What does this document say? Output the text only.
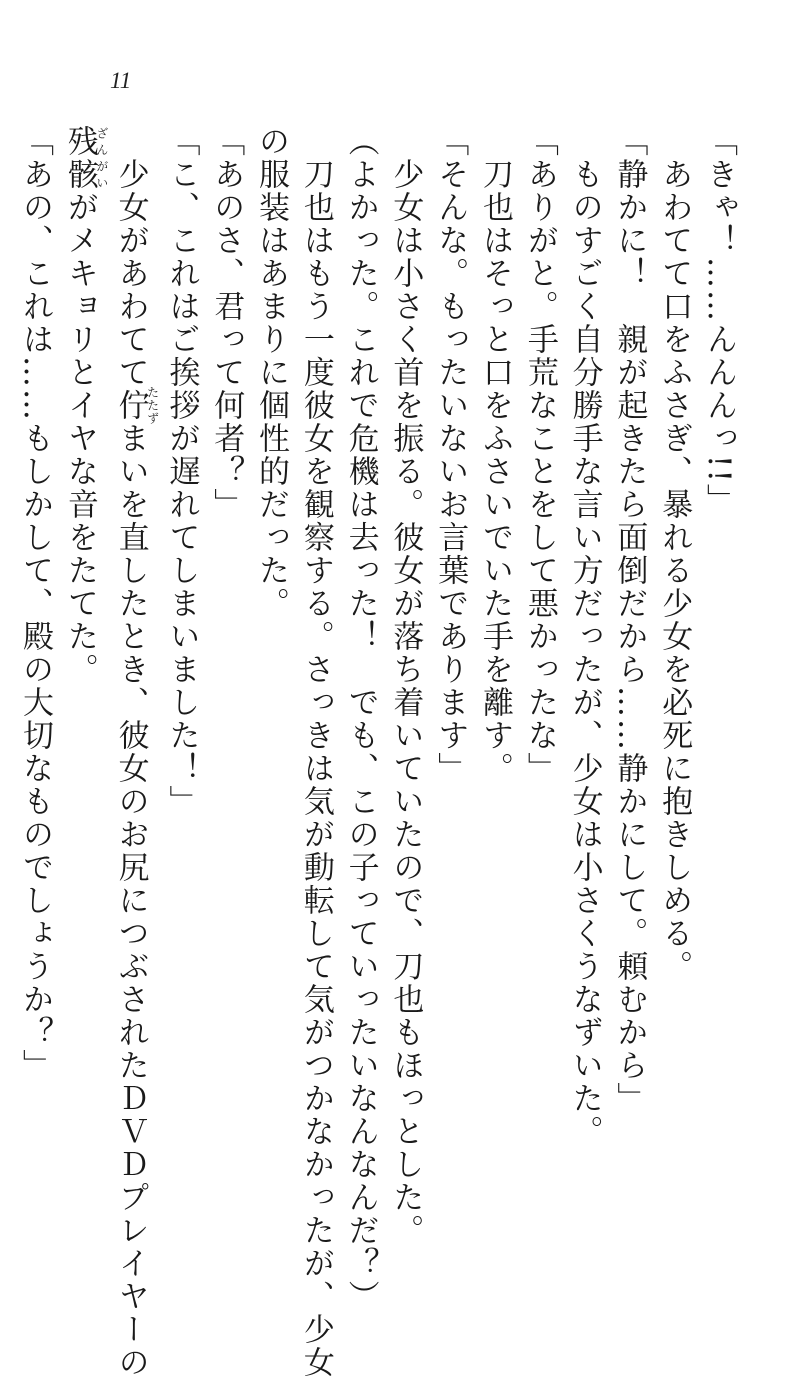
11
「きゃ！……んんんっ!!」
あわてて口をふさぎ、暴れる少女を必死に抱きしめる。
「静かに！　親が起きたら面倒だから……静かにして。頼むから」
ものすごく自分勝手な言い方だったが、少女は小さくうなずいた。
「ありがと。手荒なことをして悪かったな」
刀也はそっと口をふさいでいた手を離す。
「そんな。もったいないお言葉であります」
少女は小さく首を振る。彼女が落ち着いていたので、刀也もほっとした。
（よかった。これで危機は去った！　でも、この子っていったいなんなんだ？）
刀也はもう一度彼女を観察する。さっきは気が動転して気がつかなかったが、少女
の服装はあまりに個性的だった。
「あのさ、君って何者？」
「こ、これはご挨拶が遅れてしまいました！」
少女があわてて佇たたずまいを直したとき、彼女のお尻につぶされたＤＶＤプレイヤーの
残骸ざんがいがメキョリとイヤな音をたてた。
「あの、これは……もしかして、殿の大切なものでしょうか？」
